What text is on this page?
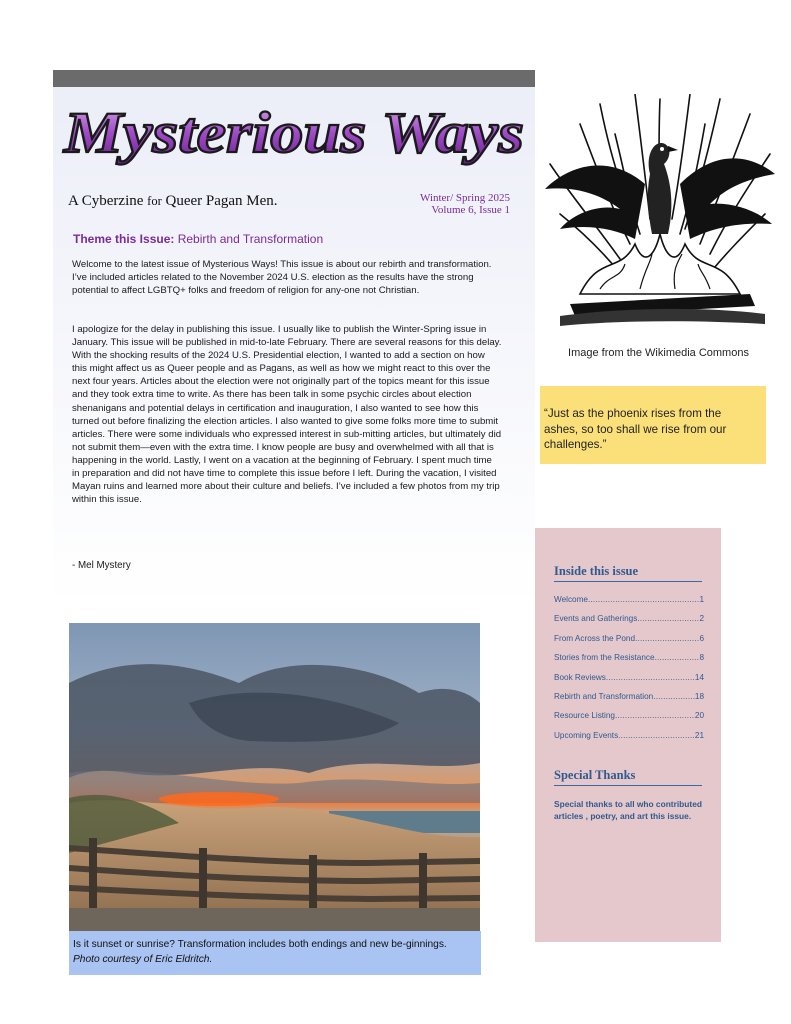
Mysterious Ways
A Cyberzine for Queer Pagan Men.	Winter/ Spring 2025
Volume 6, Issue 1
Theme this Issue: Rebirth and Transformation

Welcome to the latest issue of Mysterious Ways! This issue is about our rebirth and transformation. I’ve included articles related to the November 2024 U.S. election as the results have the strong potential to affect LGBTQ+ folks and freedom of religion for any-one not Christian.

I apologize for the delay in publishing this issue. I usually like to publish the Winter-Spring issue in January. This issue will be published in mid-to-late February. There are several reasons for this delay. With the shocking results of the 2024 U.S. Presidential election, I wanted to add a section on how this might affect us as Queer people and as Pagans, as well as how we might react to this over the next four years. Articles about the election were not originally part of the topics meant for this issue and they took extra time to write. As there has been talk in some psychic circles about election shenanigans and potential delays in certification and inauguration, I also wanted to see how this turned out before finalizing the election articles. I also wanted to give some folks more time to submit articles. There were some individuals who expressed interest in sub-mitting articles, but ultimately did not submit them—even with the extra time. I know people are busy and overwhelmed with all that is happening in the world. Lastly, I went on a vacation at the beginning of February. I spent much time in preparation and did not have time to complete this issue before I left. During the vacation, I visited Mayan ruins and learned more about their culture and beliefs. I’ve included a few photos from my trip within this issue.

- Mel Mystery
Image from the Wikimedia Commons

“Just as the phoenix rises from the ashes, so too shall we rise from our challenges.”

Inside this issue
Welcome .....	1
Events and Gatherings .....	2
From Across the Pond .....	6
Stories from the Resistance .....	8
Book Reviews .....	14
Rebirth and Transformation .....	18
Resource Listing .....	20
Upcoming Events .....	21
Special Thanks
Special thanks to all who contributed articles , poetry, and art this issue.

Is it sunset or sunrise? Transformation includes both endings and new be-ginnings. Photo courtesy of Eric Eldritch.
